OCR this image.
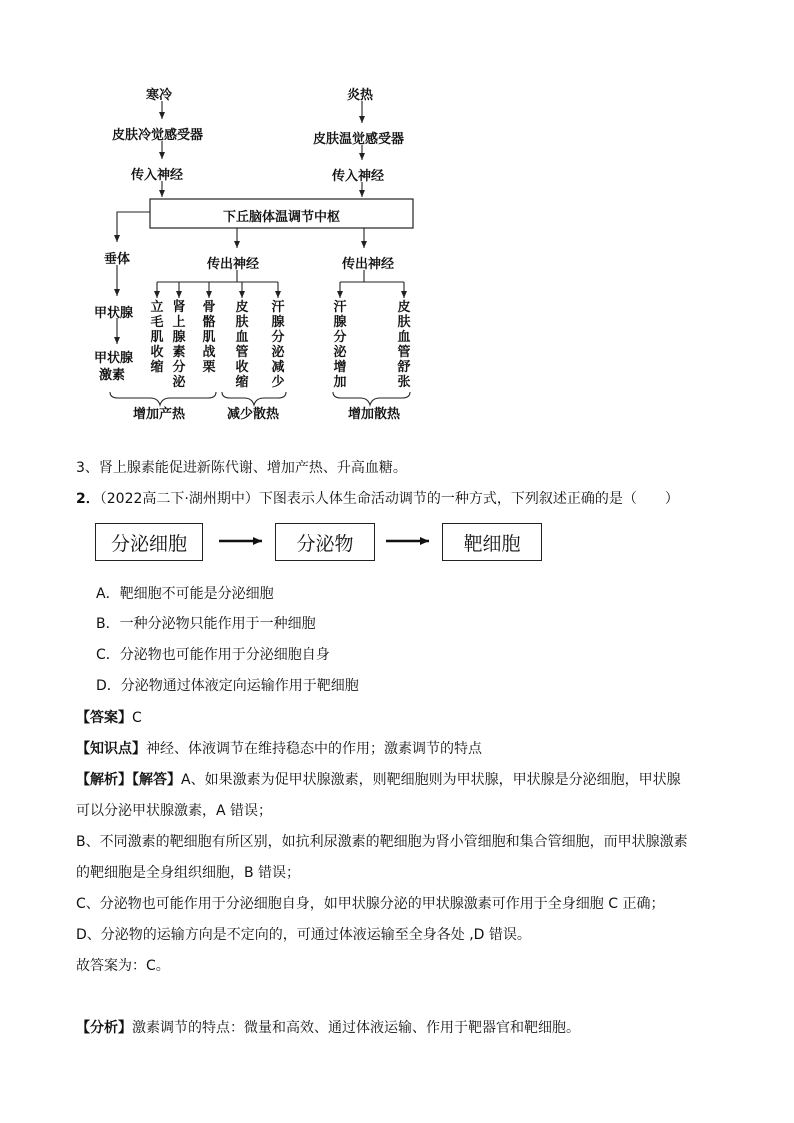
寒冷
皮肤冷觉感受器
传入神经
炎热
皮肤温觉感受器
传入神经
下丘脑体温调节中枢
垂体
甲状腺
甲状腺
激素
传出神经	传出神经
立毛肌收缩
肾上腺素分泌
骨骼肌战栗
皮肤血管收缩
汗腺分泌减少
汗腺分泌增加
皮肤血管舒张
增加产热	减少散热	增加散热
3、肾上腺素能促进新陈代谢、增加产热、升高血糖。
2．（2022高二下·湖州期中）下图表示人体生命活动调节的一种方式，下列叙述正确的是（　　）
分泌细胞	分泌物	靶细胞
A．靶细胞不可能是分泌细胞
B．一种分泌物只能作用于一种细胞
C．分泌物也可能作用于分泌细胞自身
D．分泌物通过体液定向运输作用于靶细胞
【答案】C
【知识点】神经、体液调节在维持稳态中的作用；激素调节的特点
【解析】【解答】A、如果激素为促甲状腺激素，则靶细胞则为甲状腺，甲状腺是分泌细胞，甲状腺
可以分泌甲状腺激素，A 错误；
B、不同激素的靶细胞有所区别，如抗利尿激素的靶细胞为肾小管细胞和集合管细胞，而甲状腺激素
的靶细胞是全身组织细胞，B 错误；
C、分泌物也可能作用于分泌细胞自身，如甲状腺分泌的甲状腺激素可作用于全身细胞 C 正确；
D、分泌物的运输方向是不定向的，可通过体液运输至全身各处 ,D 错误。
故答案为：C。
【分析】激素调节的特点：微量和高效、通过体液运输、作用于靶器官和靶细胞。
